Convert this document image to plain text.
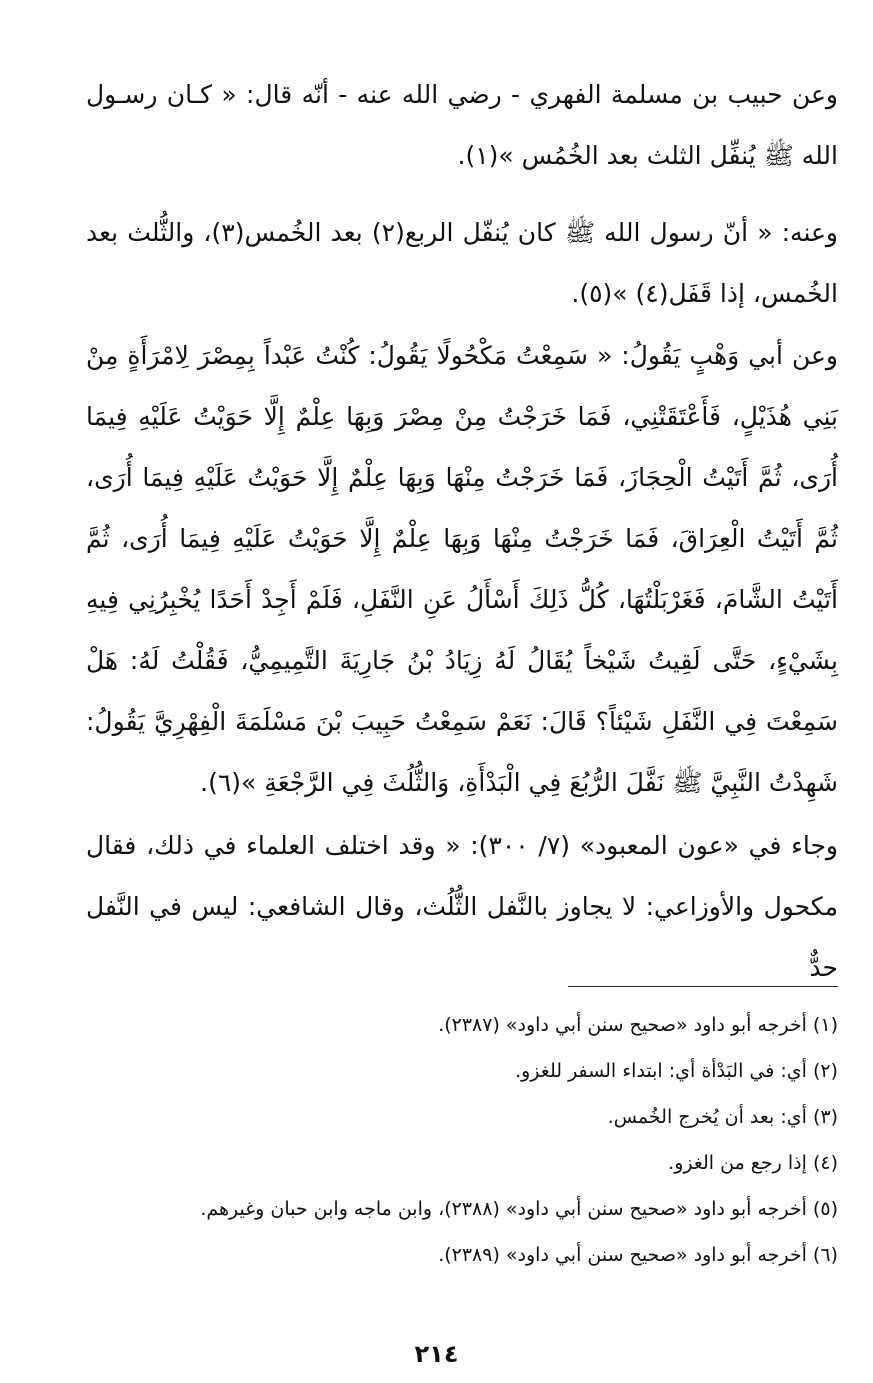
وعن حبيب بن مسلمة الفهري - رضي الله عنه - أنّه قال: « كـان رسـول الله ﷺ يُنفِّل الثلث بعد الخُمُس »(١).

وعنه: « أنّ رسول الله ﷺ كان يُنفّل الربع(٢) بعد الخُمس(٣)، والثُّلث بعد الخُمس، إذا قَفَل(٤) »(٥).

وعن أبي وَهْبٍ يَقُولُ: « سَمِعْتُ مَكْحُولًا يَقُولُ: كُنْتُ عَبْداً بِمِصْرَ لِامْرَأَةٍ مِنْ بَنِي هُذَيْلٍ، فَأَعْتَقَتْنِي، فَمَا خَرَجْتُ مِنْ مِصْرَ وَبِهَا عِلْمٌ إِلَّا حَوَيْتُ عَلَيْهِ فِيمَا أُرَى، ثُمَّ أَتَيْتُ الْحِجَازَ، فَمَا خَرَجْتُ مِنْهَا وَبِهَا عِلْمٌ إِلَّا حَوَيْتُ عَلَيْهِ فِيمَا أُرَى، ثُمَّ أَتَيْتُ الْعِرَاقَ، فَمَا خَرَجْتُ مِنْهَا وَبِهَا عِلْمٌ إِلَّا حَوَيْتُ عَلَيْهِ فِيمَا أُرَى، ثُمَّ أَتَيْتُ الشَّامَ، فَغَرْبَلْتُهَا، كُلُّ ذَلِكَ أَسْأَلُ عَنِ النَّفَلِ، فَلَمْ أَجِدْ أَحَدًا يُخْبِرُنِي فِيهِ بِشَيْءٍ، حَتَّى لَقِيتُ شَيْخاً يُقَالُ لَهُ زِيَادُ بْنُ جَارِيَةَ التَّمِيمِيُّ، فَقُلْتُ لَهُ: هَلْ سَمِعْتَ فِي النَّفَلِ شَيْئاً؟ قَالَ: نَعَمْ سَمِعْتُ حَبِيبَ بْنَ مَسْلَمَةَ الْفِهْرِيَّ يَقُولُ: شَهِدْتُ النَّبِيَّ ﷺ نَفَّلَ الرُّبُعَ فِي الْبَدْأَةِ، وَالثُّلُثَ فِي الرَّجْعَةِ »(٦).

وجاء في «عون المعبود» (٧/ ٣٠٠): « وقد اختلف العلماء في ذلك، فقال مكحول والأوزاعي: لا يجاوز بالنَّفل الثُّلُث، وقال الشافعي: ليس في النَّفل حدٌّ

(١) أخرجه أبو داود «صحيح سنن أبي داود» (٢٣٨٧).

(٢) أي: في البَدْأة أي: ابتداء السفر للغزو.

(٣) أي: بعد أن يُخرج الخُمس.

(٤) إذا رجع من الغزو.

(٥) أخرجه أبو داود «صحيح سنن أبي داود» (٢٣٨٨)، وابن ماجه وابن حبان وغيرهم.

(٦) أخرجه أبو داود «صحيح سنن أبي داود» (٢٣٨٩).

٢١٤
